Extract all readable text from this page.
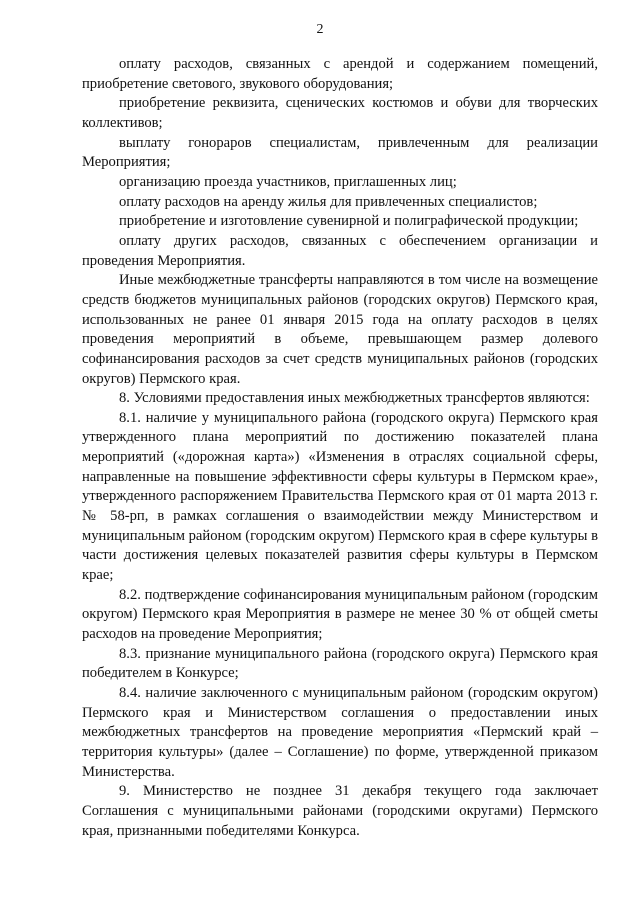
2

оплату расходов, связанных с арендой и содержанием помещений, приобретение светового, звукового оборудования;

приобретение реквизита, сценических костюмов и обуви для творческих коллективов;

выплату гонораров специалистам, привлеченным для реализации Мероприятия;

организацию проезда участников, приглашенных лиц;

оплату расходов на аренду жилья для привлеченных специалистов;

приобретение и изготовление сувенирной и полиграфической продукции;

оплату других расходов, связанных с обеспечением организации и проведения Мероприятия.

Иные межбюджетные трансферты направляются в том числе на возмещение средств бюджетов муниципальных районов (городских округов) Пермского края, использованных не ранее 01 января 2015 года на оплату расходов в целях проведения мероприятий в объеме, превышающем размер долевого софинансирования расходов за счет средств муниципальных районов (городских округов) Пермского края.

8. Условиями предоставления иных межбюджетных трансфертов являются:

8.1. наличие у муниципального района (городского округа) Пермского края утвержденного плана мероприятий по достижению показателей плана мероприятий («дорожная карта») «Изменения в отраслях социальной сферы, направленные на повышение эффективности сферы культуры в Пермском крае», утвержденного распоряжением Правительства Пермского края от 01 марта 2013 г. № 58-рп, в рамках соглашения о взаимодействии между Министерством и муниципальным районом (городским округом) Пермского края в сфере культуры в части достижения целевых показателей развития сферы культуры в Пермском крае;

8.2. подтверждение софинансирования муниципальным районом (городским округом) Пермского края Мероприятия в размере не менее 30 % от общей сметы расходов на проведение Мероприятия;

8.3. признание муниципального района (городского округа) Пермского края победителем в Конкурсе;

8.4. наличие заключенного с муниципальным районом (городским округом) Пермского края и Министерством соглашения о предоставлении иных межбюджетных трансфертов на проведение мероприятия «Пермский край – территория культуры» (далее – Соглашение) по форме, утвержденной приказом Министерства.

9. Министерство не позднее 31 декабря текущего года заключает Соглашения с муниципальными районами (городскими округами) Пермского края, признанными победителями Конкурса.
